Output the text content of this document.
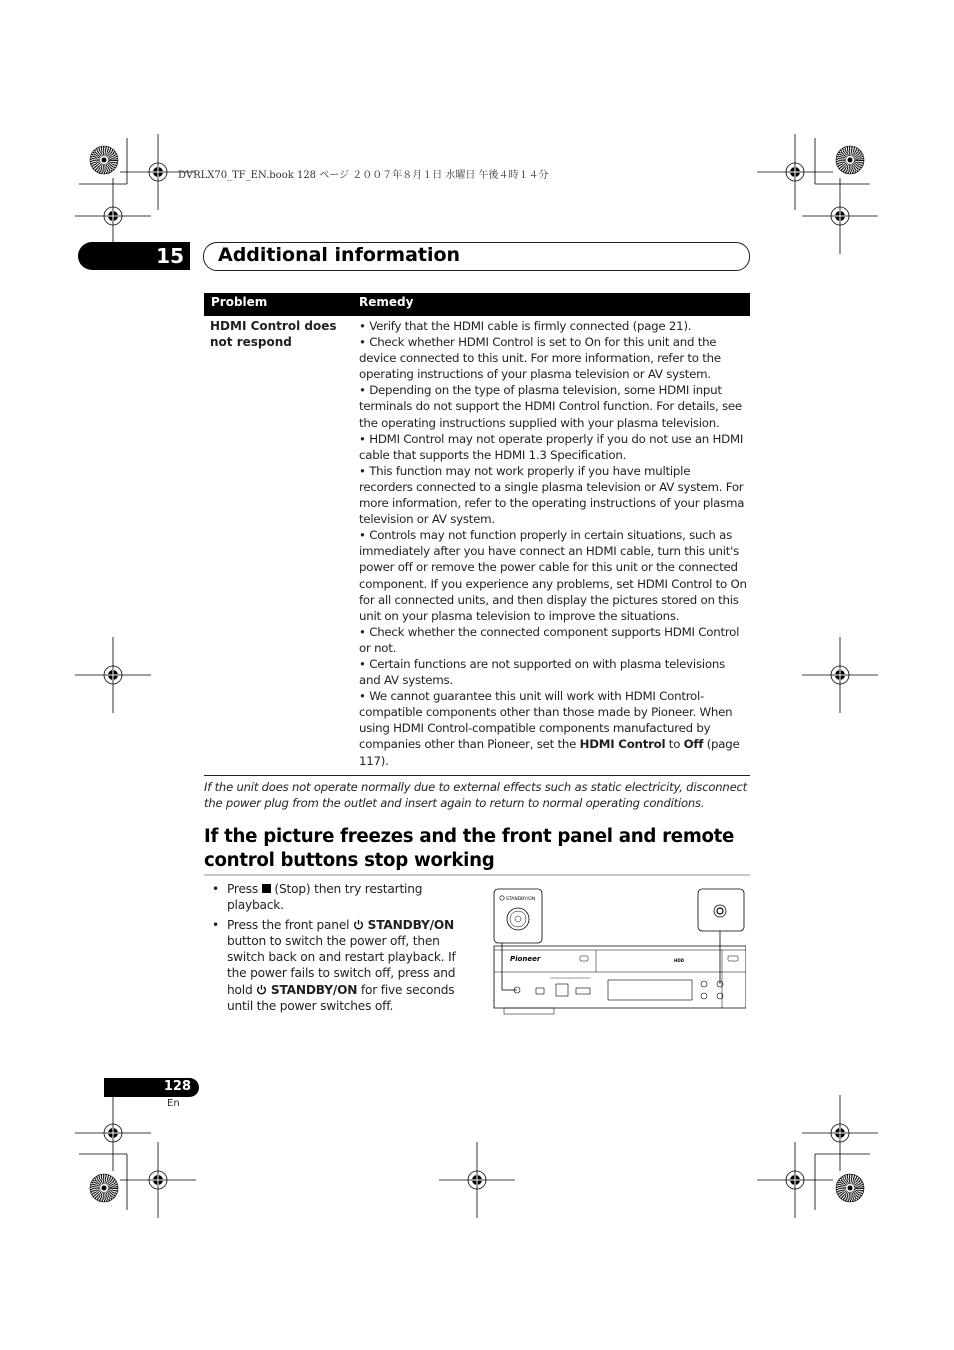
DVRLX70_TF_EN.book 128 ページ ２００７年８月１日 水曜日 午後４時１４分
15 Additional information
Problem	Remedy
HDMI Control does not respond

• Verify that the HDMI cable is firmly connected (page 21).

• Check whether HDMI Control is set to On for this unit and the device connected to this unit. For more information, refer to the operating instructions of your plasma television or AV system.

• Depending on the type of plasma television, some HDMI input terminals do not support the HDMI Control function. For details, see the operating instructions supplied with your plasma television.

• HDMI Control may not operate properly if you do not use an HDMI cable that supports the HDMI 1.3 Specification.

• This function may not work properly if you have multiple recorders connected to a single plasma television or AV system. For more information, refer to the operating instructions of your plasma television or AV system.

• Controls may not function properly in certain situations, such as immediately after you have connect an HDMI cable, turn this unit's power off or remove the power cable for this unit or the connected component. If you experience any problems, set HDMI Control to On for all connected units, and then display the pictures stored on this unit on your plasma television to improve the situations.

• Check whether the connected component supports HDMI Control or not.

• Certain functions are not supported on with plasma televisions and AV systems.

• We cannot guarantee this unit will work with HDMI Control-compatible components other than those made by Pioneer. When using HDMI Control-compatible components manufactured by companies other than Pioneer, set the HDMI Control to Off (page 117).

If the unit does not operate normally due to external effects such as static electricity, disconnect the power plug from the outlet and insert again to return to normal operating conditions.
If the picture freezes and the front panel and remote control buttons stop working
• Press  (Stop) then try restarting playback.
• Press the front panel  STANDBY/ON button to switch the power off, then switch back on and restart playback. If the power fails to switch off, press and hold  STANDBY/ON for five seconds until the power switches off.
STANDBY/ON
Pioneer	HDD
128
En
